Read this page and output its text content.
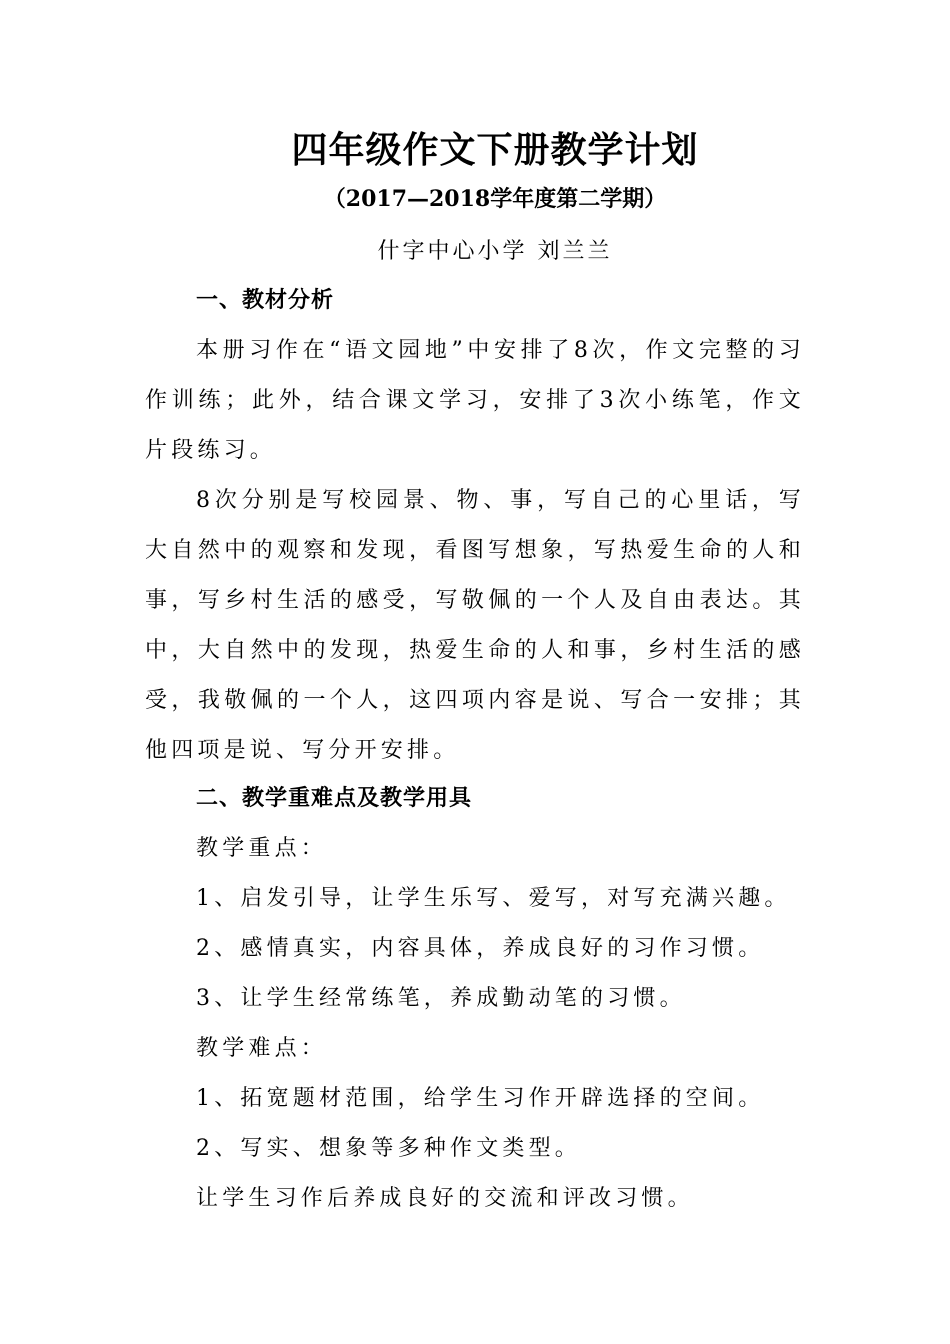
四年级作文下册教学计划
（2017—2018学年度第二学期）
什字中心小学 刘兰兰
一、教材分析

本册习作在“语文园地”中安排了8次，作文完整的习作训练；此外，结合课文学习，安排了3次小练笔，作文片段练习。

8次分别是写校园景、物、事，写自己的心里话，写大自然中的观察和发现，看图写想象，写热爱生命的人和事，写乡村生活的感受，写敬佩的一个人及自由表达。其中，大自然中的发现，热爱生命的人和事，乡村生活的感受，我敬佩的一个人，这四项内容是说、写合一安排；其他四项是说、写分开安排。

二、教学重难点及教学用具
教学重点：
1、启发引导，让学生乐写、爱写，对写充满兴趣。
2、感情真实，内容具体，养成良好的习作习惯。
3、让学生经常练笔，养成勤动笔的习惯。
教学难点：
1、拓宽题材范围，给学生习作开辟选择的空间。
2、写实、想象等多种作文类型。
让学生习作后养成良好的交流和评改习惯。
